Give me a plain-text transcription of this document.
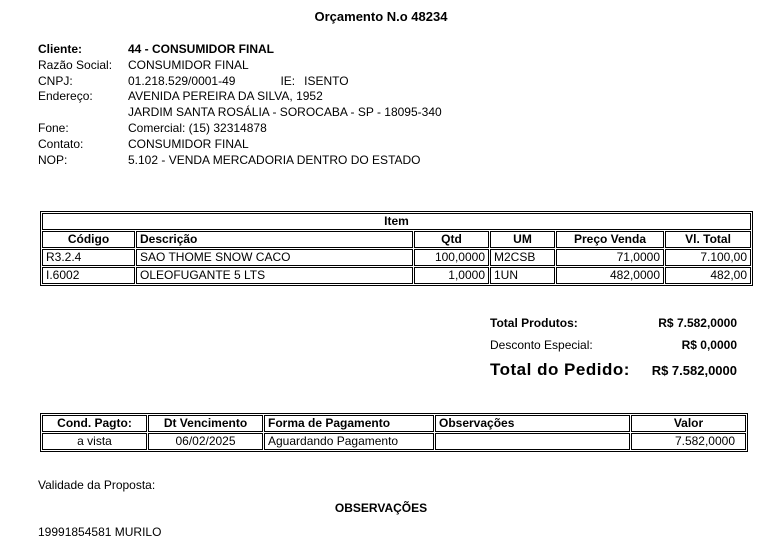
Orçamento N.o 48234
Cliente:	44 - CONSUMIDOR FINAL
Razão Social:	CONSUMIDOR FINAL
CNPJ:	01.218.529/0001-49	IE: ISENTO
Endereço:	AVENIDA PEREIRA DA SILVA, 1952
JARDIM SANTA ROSÁLIA - SOROCABA - SP - 18095-340
Fone:	Comercial: (15) 32314878
Contato:	CONSUMIDOR FINAL
NOP:	5.102 - VENDA MERCADORIA DENTRO DO ESTADO
Item					
Código	Descrição	Qtd	UM	Preço Venda	Vl. Total
R3.2.4	SAO THOME SNOW CACO	100,0000	M2CSB	71,0000	7.100,00
I.6002	OLEOFUGANTE 5 LTS	1,0000	1UN	482,0000	482,00
Total Produtos:	R$ 7.582,0000
Desconto Especial:	R$ 0,0000
Total do Pedido: R$ 7.582,0000
Cond. Pagto:	Dt Vencimento	Forma de Pagamento	Observações	Valor
a vista	06/02/2025	Aguardando Pagamento		7.582,0000
Validade da Proposta:
OBSERVAÇÕES
19991854581 MURILO
